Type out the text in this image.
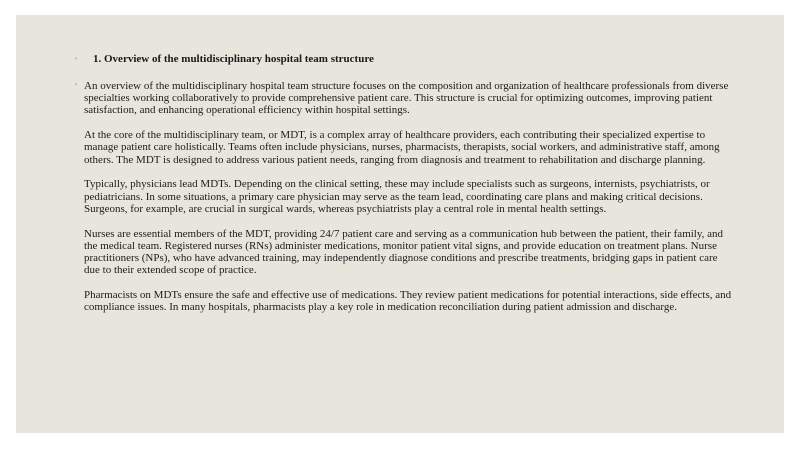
◦	1. Overview of the multidisciplinary hospital team structure
◦ An overview of the multidisciplinary hospital team structure focuses on the composition and organization of healthcare professionals from diverse specialties working collaboratively to provide comprehensive patient care. This structure is crucial for optimizing outcomes, improving patient satisfaction, and enhancing operational efficiency within hospital settings.

At the core of the multidisciplinary team, or MDT, is a complex array of healthcare providers, each contributing their specialized expertise to manage patient care holistically. Teams often include physicians, nurses, pharmacists, therapists, social workers, and administrative staff, among others. The MDT is designed to address various patient needs, ranging from diagnosis and treatment to rehabilitation and discharge planning.

Typically, physicians lead MDTs. Depending on the clinical setting, these may include specialists such as surgeons, internists, psychiatrists, or pediatricians. In some situations, a primary care physician may serve as the team lead, coordinating care plans and making critical decisions. Surgeons, for example, are crucial in surgical wards, whereas psychiatrists play a central role in mental health settings.

Nurses are essential members of the MDT, providing 24/7 patient care and serving as a communication hub between the patient, their family, and the medical team. Registered nurses (RNs) administer medications, monitor patient vital signs, and provide education on treatment plans. Nurse practitioners (NPs), who have advanced training, may independently diagnose conditions and prescribe treatments, bridging gaps in patient care due to their extended scope of practice.

Pharmacists on MDTs ensure the safe and effective use of medications. They review patient medications for potential interactions, side effects, and compliance issues. In many hospitals, pharmacists play a key role in medication reconciliation during patient admission and discharge.
